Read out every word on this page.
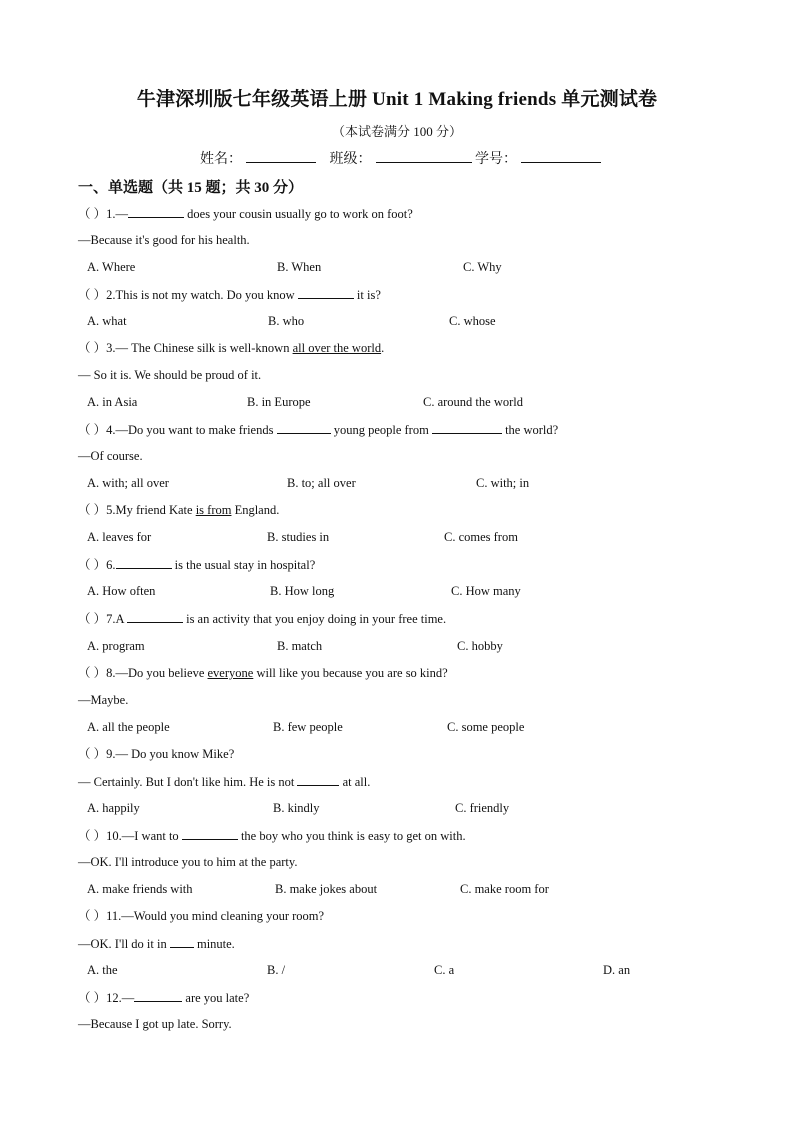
牛津深圳版七年级英语上册 Unit 1 Making friends 单元测试卷
（本试卷满分 100 分）
姓名：	班级：	学号：
一、单选题（共 15 题；共 30 分）
（ ）1.—	does your cousin usually go to work on foot?
—Because it's good for his health.
A. Where	B. When	C. Why
（ ）2.This is not my watch. Do you know	it is?
A. what	B. who	C. whose
（ ）3.— The Chinese silk is well-known all over the world.
— So it is. We should be proud of it.
A. in Asia	B. in Europe	C. around the world
（ ）4.—Do you want to make friends	young people from	the world?
—Of course.
A. with; all over	B. to; all over	C. with; in
（ ）5.My friend Kate is from England.
A. leaves for	B. studies in	C. comes from
（ ）6.	is the usual stay in hospital?
A. How often	B. How long	C. How many
（ ）7.A	is an activity that you enjoy doing in your free time.
A. program	B. match	C. hobby
（ ）8.—Do you believe everyone will like you because you are so kind?
—Maybe.
A. all the people	B. few people	C. some people
（ ）9.— Do you know Mike?
— Certainly. But I don't like him. He is not	at all.
A. happily	B. kindly	C. friendly
（ ）10.—I want to	the boy who you think is easy to get on with.
—OK. I'll introduce you to him at the party.
A. make friends with	B. make jokes about	C. make room for
（ ）11.—Would you mind cleaning your room?
—OK. I'll do it in  minute.
A. the	B. /	C. a	D. an
（ ）12.—	are you late?
—Because I got up late. Sorry.
